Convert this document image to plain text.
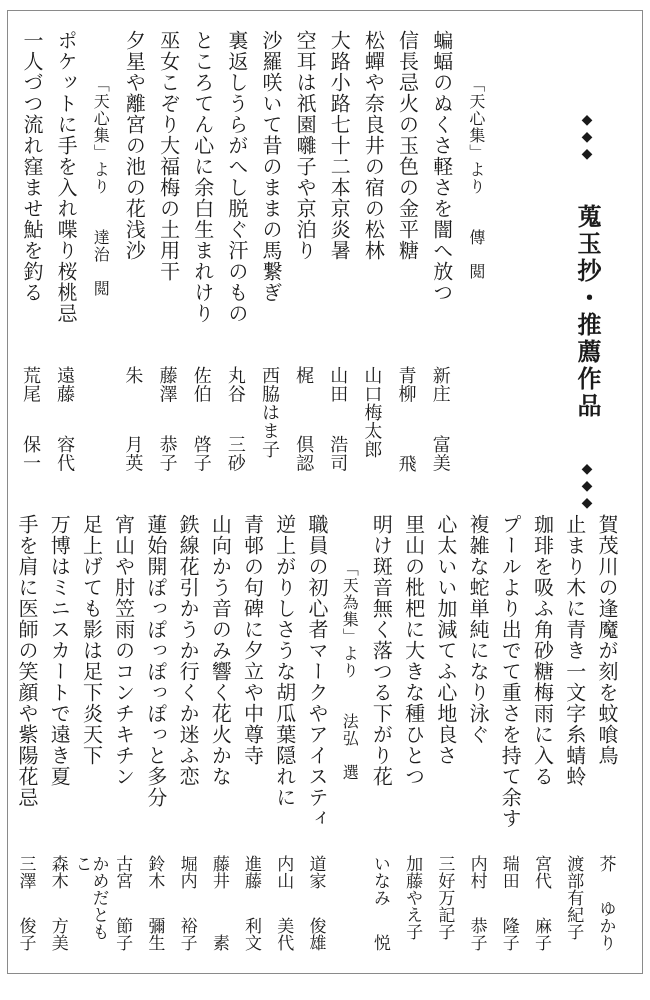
◆◆◆ 蒐玉抄・推薦作品 ◆◆◆
「天心集」より　　傳　閲
蝙蝠のぬくさ軽さを闇へ放つ
新庄
富美
信長忌火の玉色の金平糖
青柳
飛
松蟬や奈良井の宿の松林
山口梅太郎
大路小路七十二本京炎暑
山田
浩司
空耳は祇園囃子や京泊り
梶
倶認
沙羅咲いて昔のままの馬繋ぎ
西脇はま子
裏返しうらがへし脱ぐ汗のもの
丸谷
三砂
ところてん心に余白生まれけり
佐伯
啓子
巫女こぞり大福梅の土用干
藤澤
恭子
夕星や離宮の池の花浅沙
朱
月英
「天心集」より　　達治　閲
ポケットに手を入れ喋り桜桃忌
遠藤
容代
一人づつ流れ窪ませ鮎を釣る
荒尾
保一
賀茂川の逢魔が刻を蚊喰鳥
芥
ゆかり
止まり木に青き一文字糸蜻蛉
渡部有紀子
珈琲を吸ふ角砂糖梅雨に入る
宮代
麻子
プールより出でて重さを持て余す
瑞田
隆子
複雑な蛇単純になり泳ぐ
内村
恭子
心太いい加減てふ心地良さ
三好万記子
里山の枇杷に大きな種ひとつ
加藤やえ子
明け斑音無く落つる下がり花
いなみ
悦
「天為集」より　　法弘　選
職員の初心者マークやアイスティ
道家
俊雄
逆上がりしさうな胡瓜葉隠れに
内山
美代
青邨の句碑に夕立や中尊寺
進藤
利文
山向かう音のみ響く花火かな
藤井
素
鉄線花引かうか行くか迷ふ恋
堀内
裕子
蓮始開ぽっぽっぽっぽっと多分
鈴木
彌生
宵山や肘笠雨のコンチキチン
古宮
節子
足上げても影は足下炎天下
かめだともこ
万博はミニスカートで遠き夏
森木
方美
手を肩に医師の笑顔や紫陽花忌
三澤
俊子
